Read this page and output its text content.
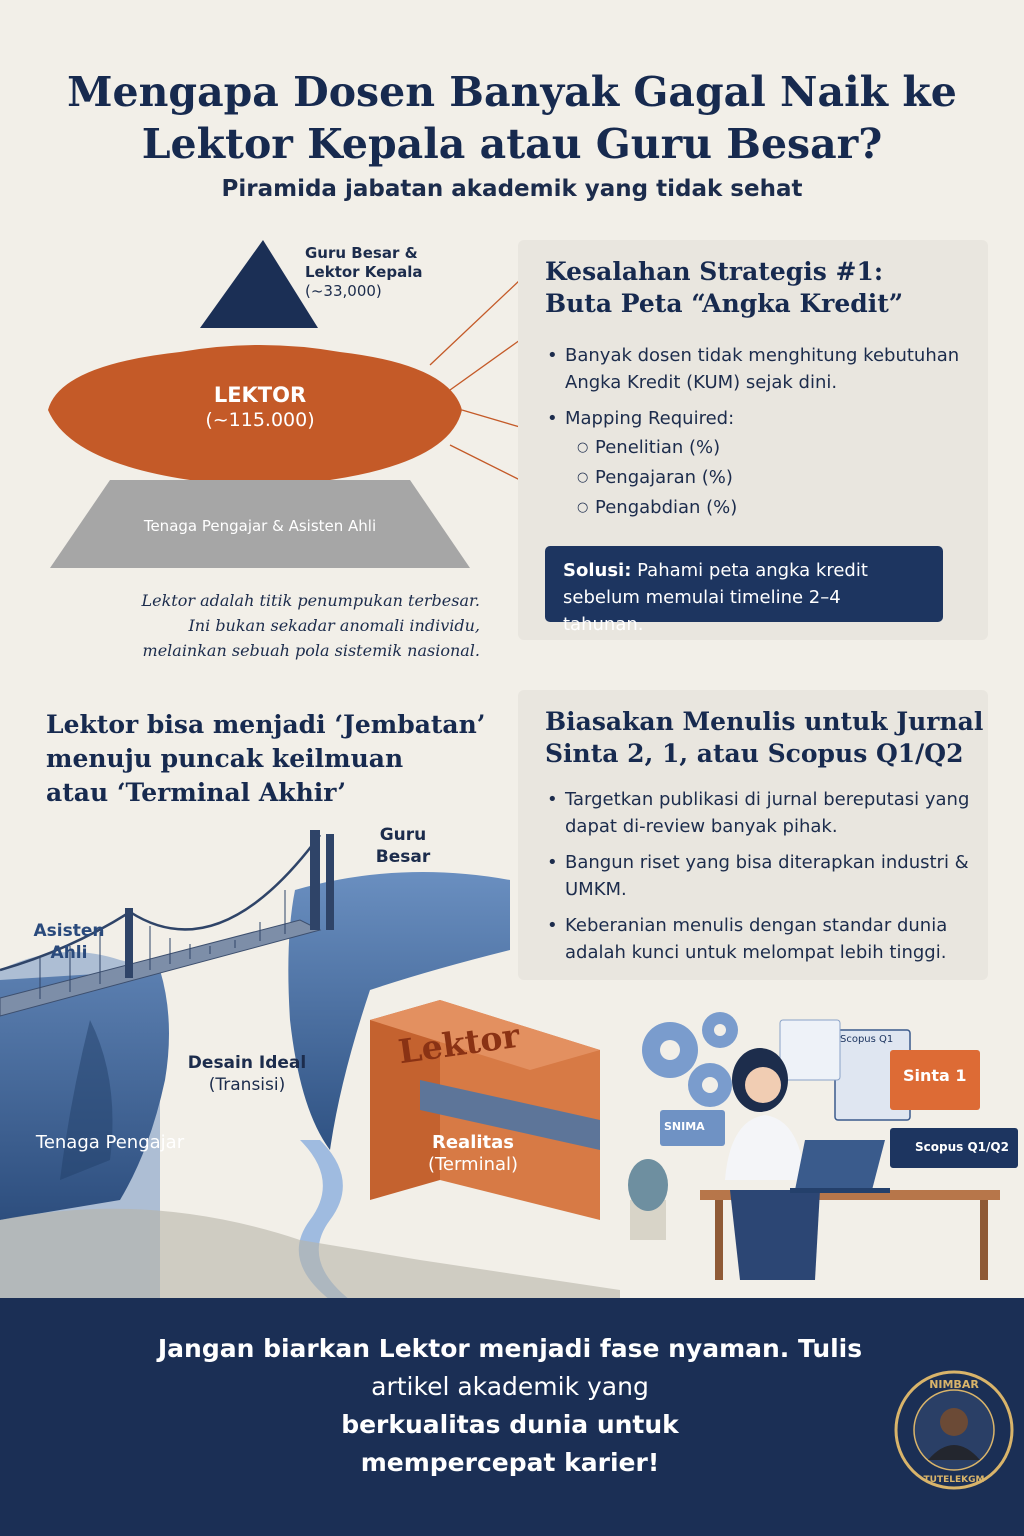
Mengapa Dosen Banyak Gagal Naik ke
Lektor Kepala atau Guru Besar?

Piramida jabatan akademik yang tidak sehat

Guru Besar &
Lektor Kepala
(~33,000)
LEKTOR
(~115.000)
Tenaga Pengajar & Asisten Ahli
Lektor adalah titik penumpukan terbesar.
Ini bukan sekadar anomali individu,
melainkan sebuah pola sistemik nasional.
Kesalahan Strategis #1:
Buta Peta “Angka Kredit”
• Banyak dosen tidak menghitung kebutuhan Angka Kredit (KUM) sejak dini.
• Mapping Required:
○ Penelitian (%)
○ Pengajaran (%)
○ Pengabdian (%)
Solusi: Pahami peta angka kredit sebelum memulai timeline 2–4 tahunan.
Lektor bisa menjadi ‘Jembatan’
menuju puncak keilmuan
atau ‘Terminal Akhir’
Biasakan Menulis untuk Jurnal
Sinta 2, 1, atau Scopus Q1/Q2
• Targetkan publikasi di jurnal bereputasi yang dapat di-review banyak pihak.
• Bangun riset yang bisa diterapkan industri & UMKM.
• Keberanian menulis dengan standar dunia adalah kunci untuk melompat lebih tinggi.
Guru
Besar
Asisten
Ahli
Desain Ideal
(Transisi)
Tenaga Pengajar
Lektor
Realitas
(Terminal)
Sinta 1
Scopus Q1/Q2
SNIMA
Scopus Q1

Jangan biarkan Lektor menjadi fase nyaman. Tulis
artikel akademik yang
berkualitas dunia untuk
mempercepat karier!

NIMBAR
TUTELEKGM
